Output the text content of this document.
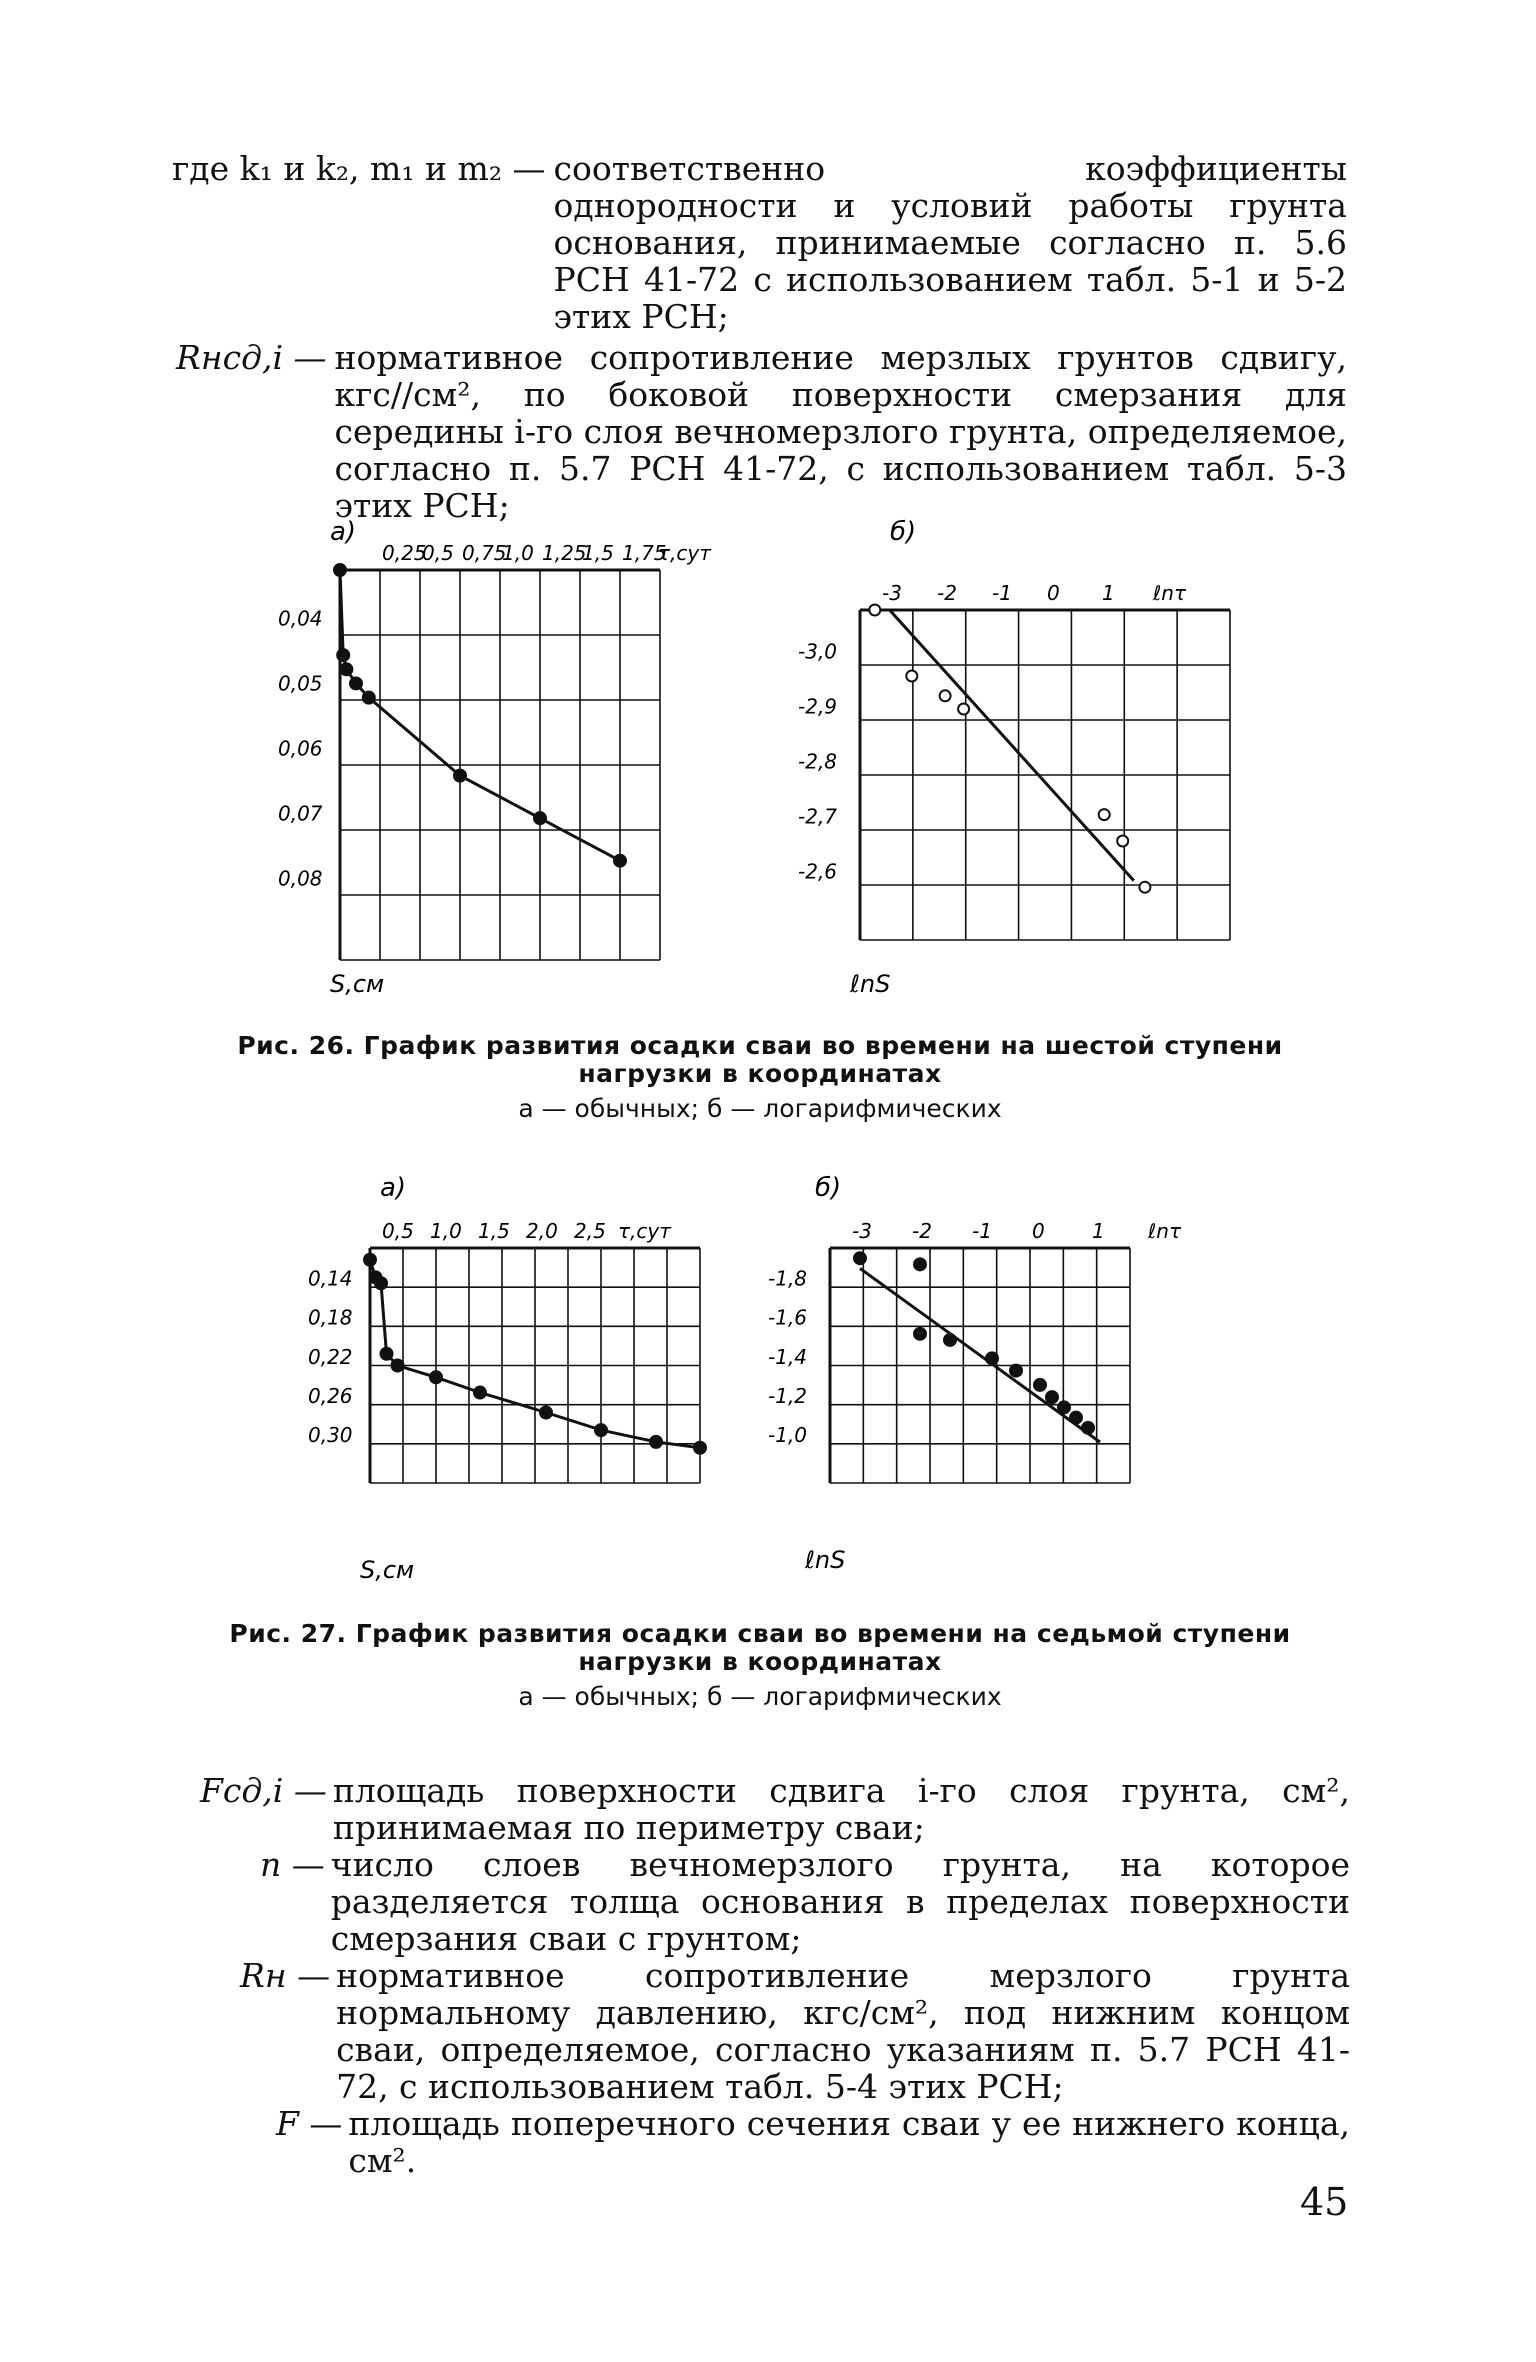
где k₁ и k₂, m₁ и m₂ — соответственно коэффициенты однородности и условий работы грунта основания, принимаемые согласно п. 5.6 РСН 41-72 с использованием табл. 5-1 и 5-2 этих РСН;
Rнсд,i — нормативное сопротивление мерзлых грунтов сдвигу, кгс//см², по боковой поверхности смерзания для середины i-го слоя вечномерзлого грунта, определяемое, согласно п. 5.7 РСН 41-72, с использованием табл. 5-3 этих РСН;
а)	б)
S,см	ℓnS
0,25
0,5 0,75
1,0 1,25
1,5 1,75
τ,сут
0,04
0,05
0,06
0,07
0,08
-3 -2 -1 0 1 ℓnτ
-3,0
-2,9
-2,8
-2,7
-2,6
Рис. 26. График развития осадки сваи во времени на шестой ступени нагрузки в координатах
а — обычных; б — логарифмических
а)	б)
S,см	ℓnS
0,5 1,0 1,5 2,0 2,5 τ,сут
0,14
0,18
0,22
0,26
0,30
-3 -2 -1 0 1 ℓnτ
-1,8
-1,6
-1,4
-1,2
-1,0
Рис. 27. График развития осадки сваи во времени на седьмой ступени нагрузки в координатах
а — обычных; б — логарифмических
Fсд,i — площадь поверхности сдвига i-го слоя грунта, см², принимаемая по периметру сваи;
n — число слоев вечномерзлого грунта, на которое разделяется толща основания в пределах поверхности смерзания сваи с грунтом;
Rн — нормативное сопротивление мерзлого грунта нормальному давлению, кгс/см², под нижним концом сваи, определяемое, согласно указаниям п. 5.7 РСН 41-72, с использованием табл. 5-4 этих РСН;
F — площадь поперечного сечения сваи у ее нижнего конца, см².
45
